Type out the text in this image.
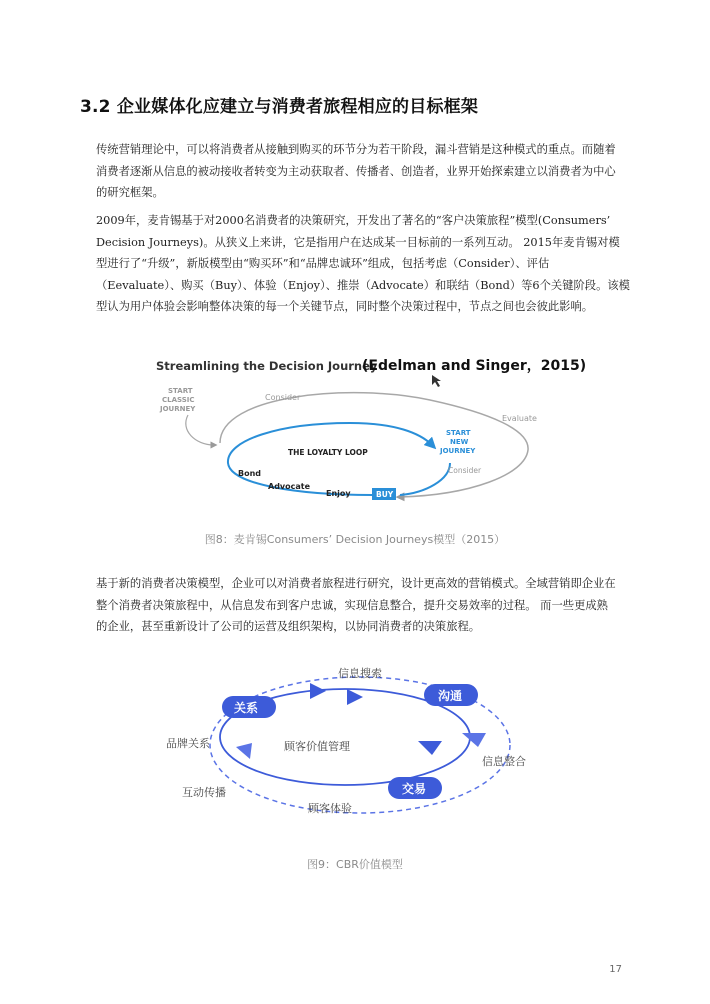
3.2 企业媒体化应建立与消费者旅程相应的目标框架
传统营销理论中，可以将消费者从接触到购买的环节分为若干阶段，漏斗营销是这种模式的重点。而随着
消费者逐渐从信息的被动接收者转变为主动获取者、传播者、创造者，业界开始探索建立以消费者为中心
的研究框架。
2009年，麦肯锡基于对2000名消费者的决策研究，开发出了著名的“客户决策旅程”模型(Consumers’
Decision Journeys)。从狭义上来讲，它是指用户在达成某一目标前的一系列互动。 2015年麦肯锡对模
型进行了“升级”，新版模型由“购买环”和“品牌忠诚环”组成，包括考虑（Consider）、评估
（Eevaluate）、购买（Buy）、体验（Enjoy）、推崇（Advocate）和联结（Bond）等6个关键阶段。该模
型认为用户体验会影响整体决策的每一个关键节点，同时整个决策过程中，节点之间也会彼此影响。
Streamlining the Decision Journey
(Edelman and Singer，2015)
START
CLASSIC
JOURNEY
Consider
Evaluate
THE LOYALTY LOOP
START
NEW
JOURNEY
Consider
Bond
Advocate
Enjoy	BUY
图8：麦肯锡Consumers’ Decision Journeys模型（2015）
基于新的消费者决策模型，企业可以对消费者旅程进行研究，设计更高效的营销模式。全域营销即企业在
整个消费者决策旅程中，从信息发布到客户忠诚，实现信息整合，提升交易效率的过程。 而一些更成熟
的企业，甚至重新设计了公司的运营及组织架构，以协同消费者的决策旅程。
关系
沟通
交易
信息搜索
品牌关系	顾客价值管理
信息整合
互动传播
顾客体验
图9：CBR价值模型
17
